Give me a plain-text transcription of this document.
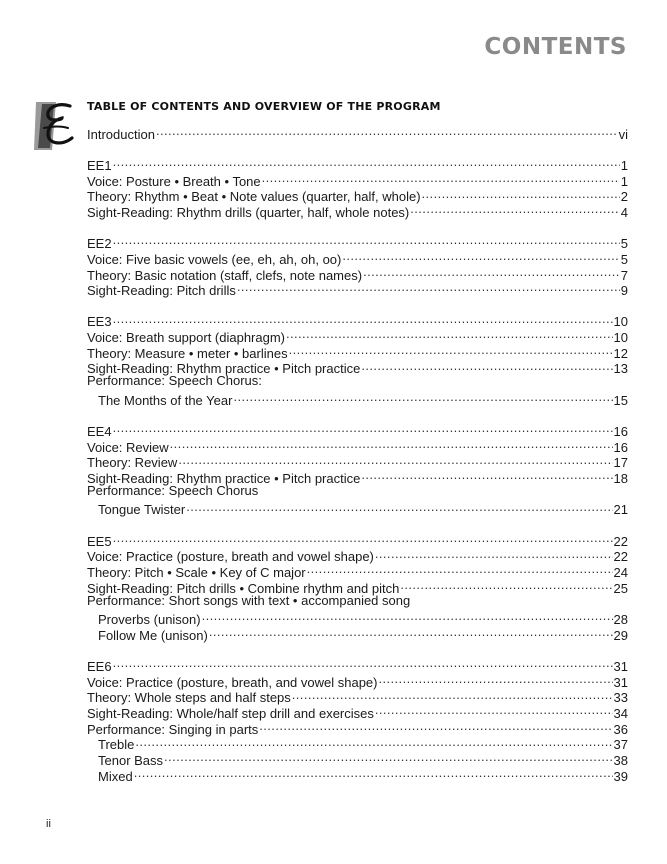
CONTENTS
TABLE OF CONTENTS AND OVERVIEW OF THE PROGRAM
Introduction .....	vi
EE1 .....	1
Voice: Posture • Breath • Tone .....	1
Theory: Rhythm • Beat • Note values (quarter, half, whole) .....	2
Sight-Reading: Rhythm drills (quarter, half, whole notes) .....	4
EE2 .....	5
Voice: Five basic vowels (ee, eh, ah, oh, oo) .....	5
Theory: Basic notation (staff, clefs, note names) .....	7
Sight-Reading: Pitch drills .....	9
EE3 .....	10
Voice: Breath support (diaphragm) .....	10
Theory: Measure • meter • barlines .....	12
Sight-Reading: Rhythm practice • Pitch practice .....	13
Performance: Speech Chorus:
The Months of the Year .....	15
EE4 .....	16
Voice: Review .....	16
Theory: Review .....	17
Sight-Reading: Rhythm practice • Pitch practice .....	18
Performance: Speech Chorus
Tongue Twister .....	21
EE5 .....	22
Voice: Practice (posture, breath and vowel shape) .....	22
Theory: Pitch • Scale • Key of C major .....	24
Sight-Reading: Pitch drills • Combine rhythm and pitch .....	25
Performance: Short songs with text • accompanied song
Proverbs (unison) .....	28
Follow Me (unison) .....	29
EE6 .....	31
Voice: Practice (posture, breath, and vowel shape) .....	31
Theory: Whole steps and half steps .....	33
Sight-Reading: Whole/half step drill and exercises .....	34
Performance: Singing in parts .....	36
Treble .....	37
Tenor Bass .....	38
Mixed .....	39
ii
